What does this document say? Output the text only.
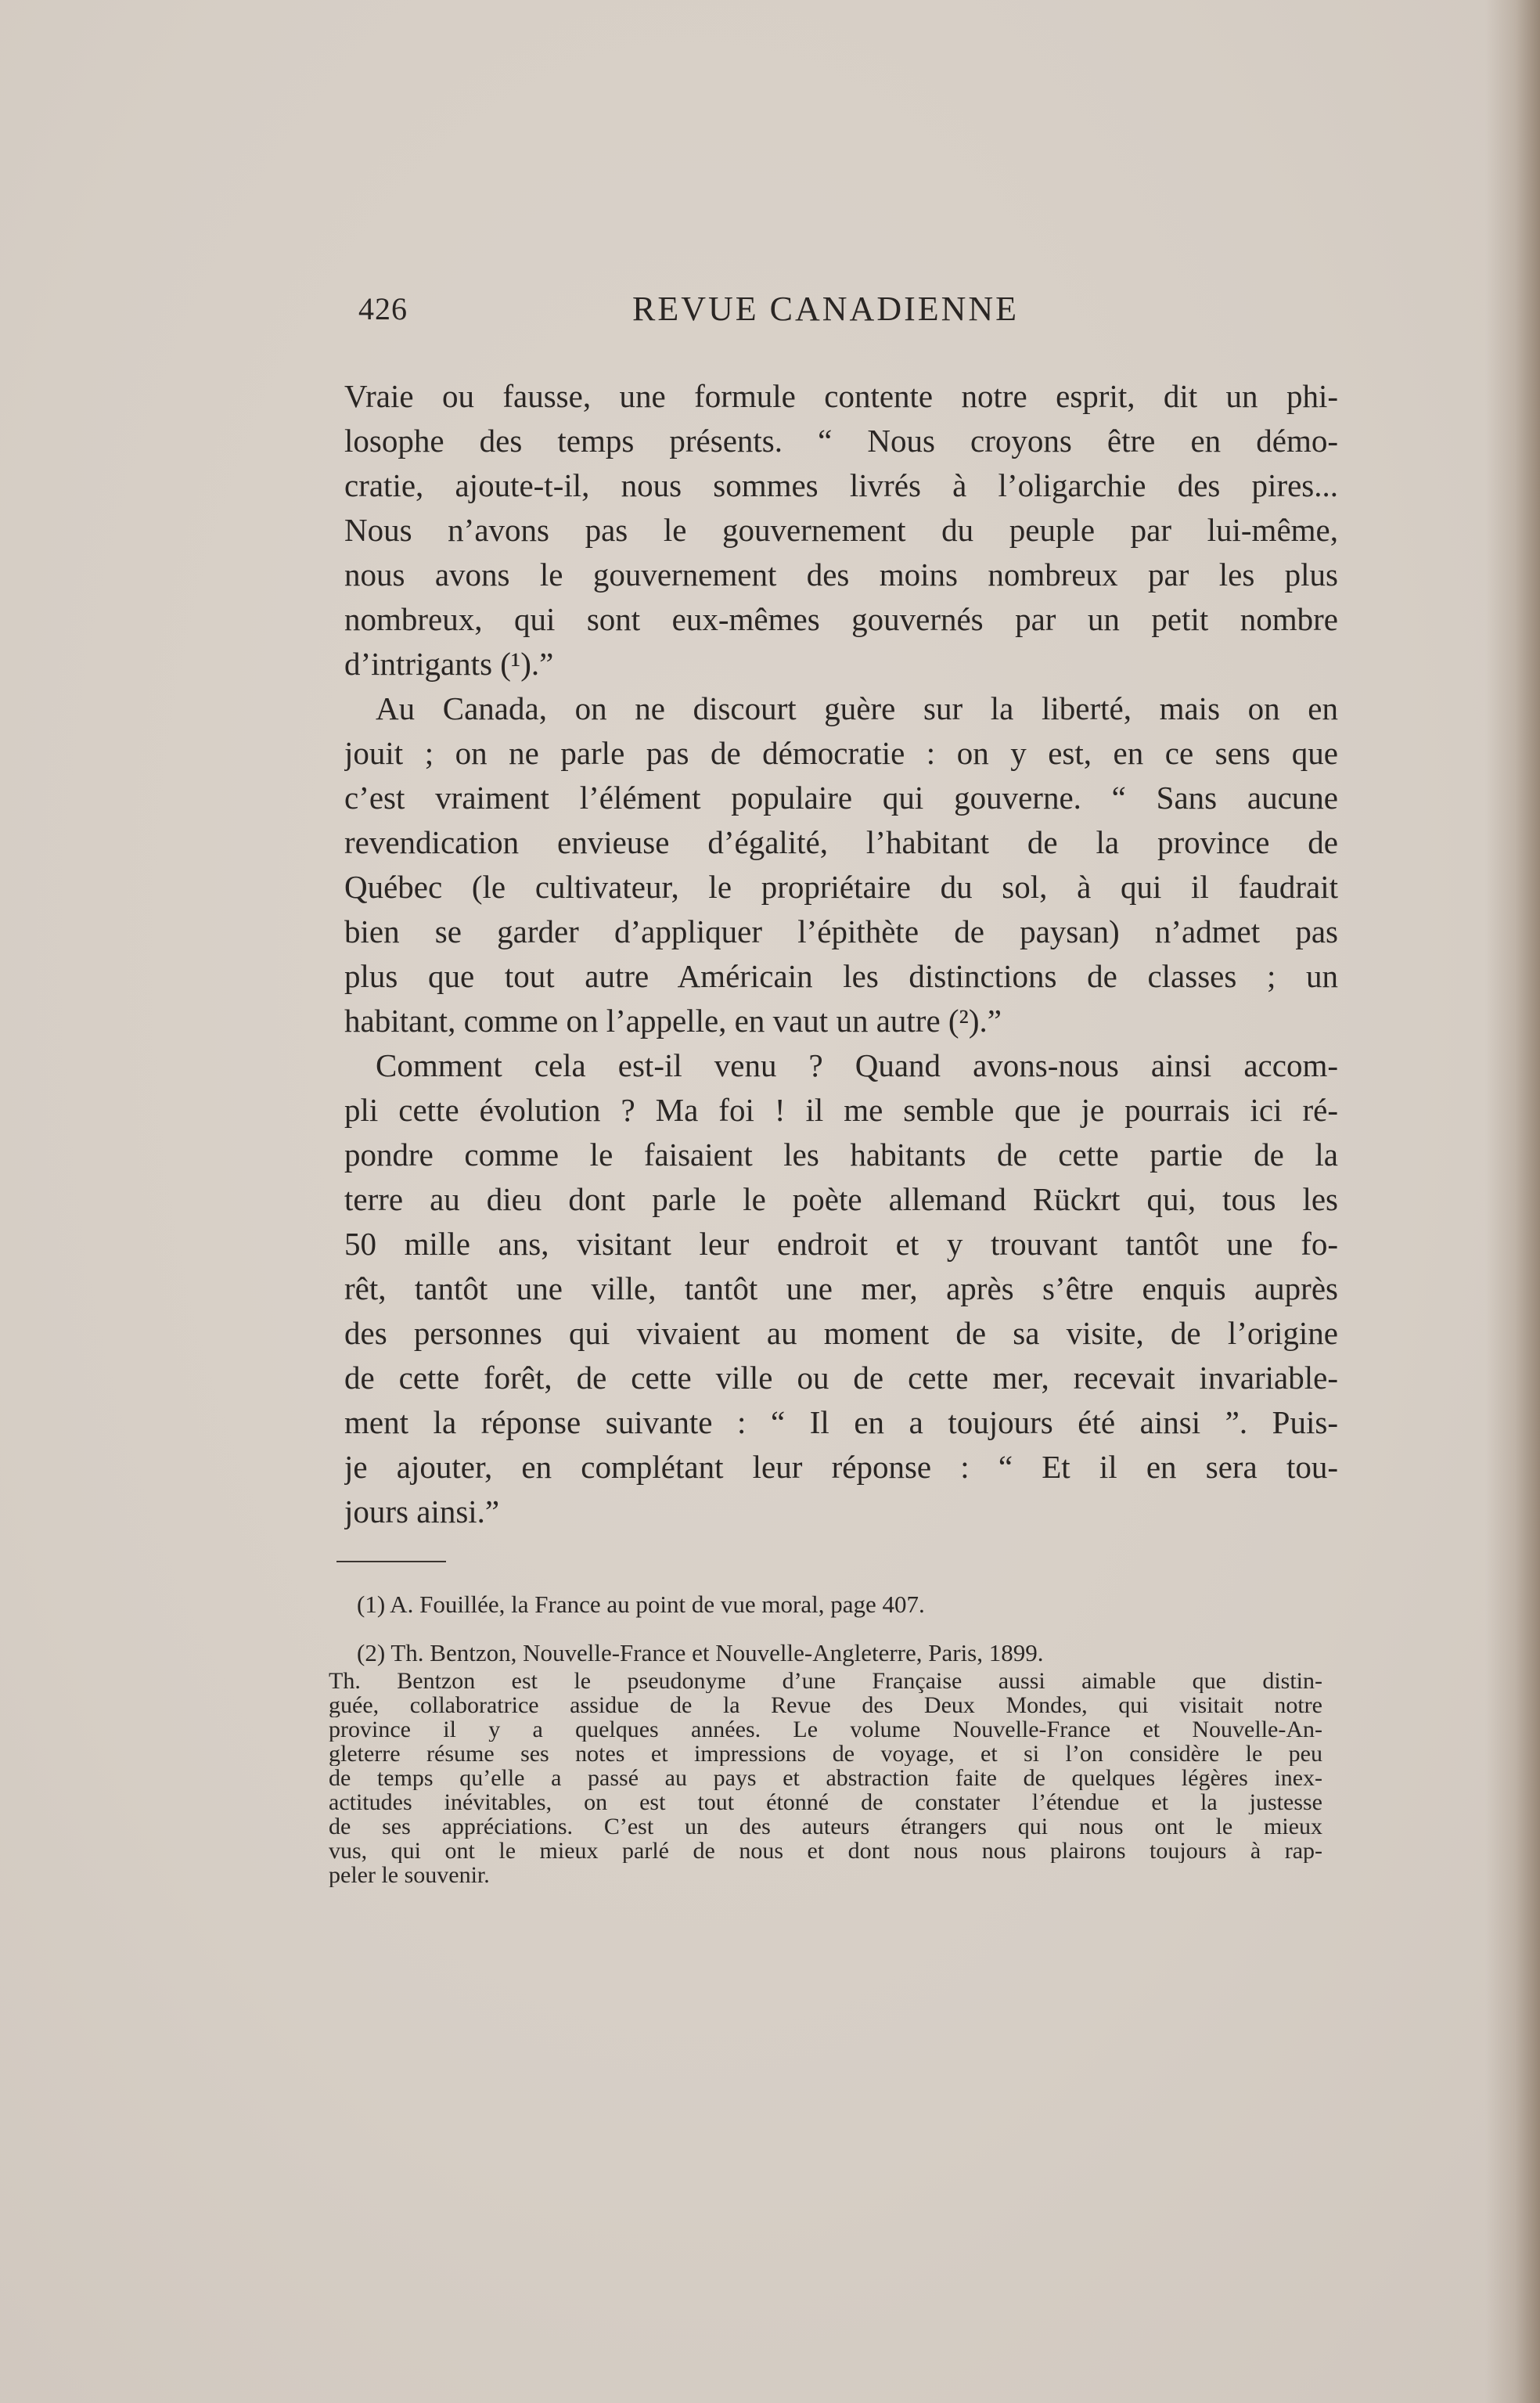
426	REVUE CANADIENNE
Vraie ou fausse, une formule contente notre esprit, dit un phi-
losophe des temps présents. “ Nous croyons être en démo-
cratie, ajoute-t-il, nous sommes livrés à l’oligarchie des pires...
Nous n’avons pas le gouvernement du peuple par lui-même,
nous avons le gouvernement des moins nombreux par les plus
nombreux, qui sont eux-mêmes gouvernés par un petit nombre
d’intrigants (¹).”
Au Canada, on ne discourt guère sur la liberté, mais on en
jouit ; on ne parle pas de démocratie : on y est, en ce sens que
c’est vraiment l’élément populaire qui gouverne. “ Sans aucune
revendication envieuse d’égalité, l’habitant de la province de
Québec (le cultivateur, le propriétaire du sol, à qui il faudrait
bien se garder d’appliquer l’épithète de paysan) n’admet pas
plus que tout autre Américain les distinctions de classes ; un
habitant, comme on l’appelle, en vaut un autre (²).”
Comment cela est-il venu ? Quand avons-nous ainsi accom-
pli cette évolution ? Ma foi ! il me semble que je pourrais ici ré-
pondre comme le faisaient les habitants de cette partie de la
terre au dieu dont parle le poète allemand Rückrt qui, tous les
50 mille ans, visitant leur endroit et y trouvant tantôt une fo-
rêt, tantôt une ville, tantôt une mer, après s’être enquis auprès
des personnes qui vivaient au moment de sa visite, de l’origine
de cette forêt, de cette ville ou de cette mer, recevait invariable-
ment la réponse suivante : “ Il en a toujours été ainsi ”. Puis-
je ajouter, en complétant leur réponse : “ Et il en sera tou-
jours ainsi.”
(1) A. Fouillée, la France au point de vue moral, page 407.
(2) Th. Bentzon, Nouvelle-France et Nouvelle-Angleterre, Paris, 1899.
Th. Bentzon est le pseudonyme d’une Française aussi aimable que distin-
guée, collaboratrice assidue de la Revue des Deux Mondes, qui visitait notre
province il y a quelques années. Le volume Nouvelle-France et Nouvelle-An-
gleterre résume ses notes et impressions de voyage, et si l’on considère le peu
de temps qu’elle a passé au pays et abstraction faite de quelques légères inex-
actitudes inévitables, on est tout étonné de constater l’étendue et la justesse
de ses appréciations. C’est un des auteurs étrangers qui nous ont le mieux
vus, qui ont le mieux parlé de nous et dont nous nous plairons toujours à rap-
peler le souvenir.
